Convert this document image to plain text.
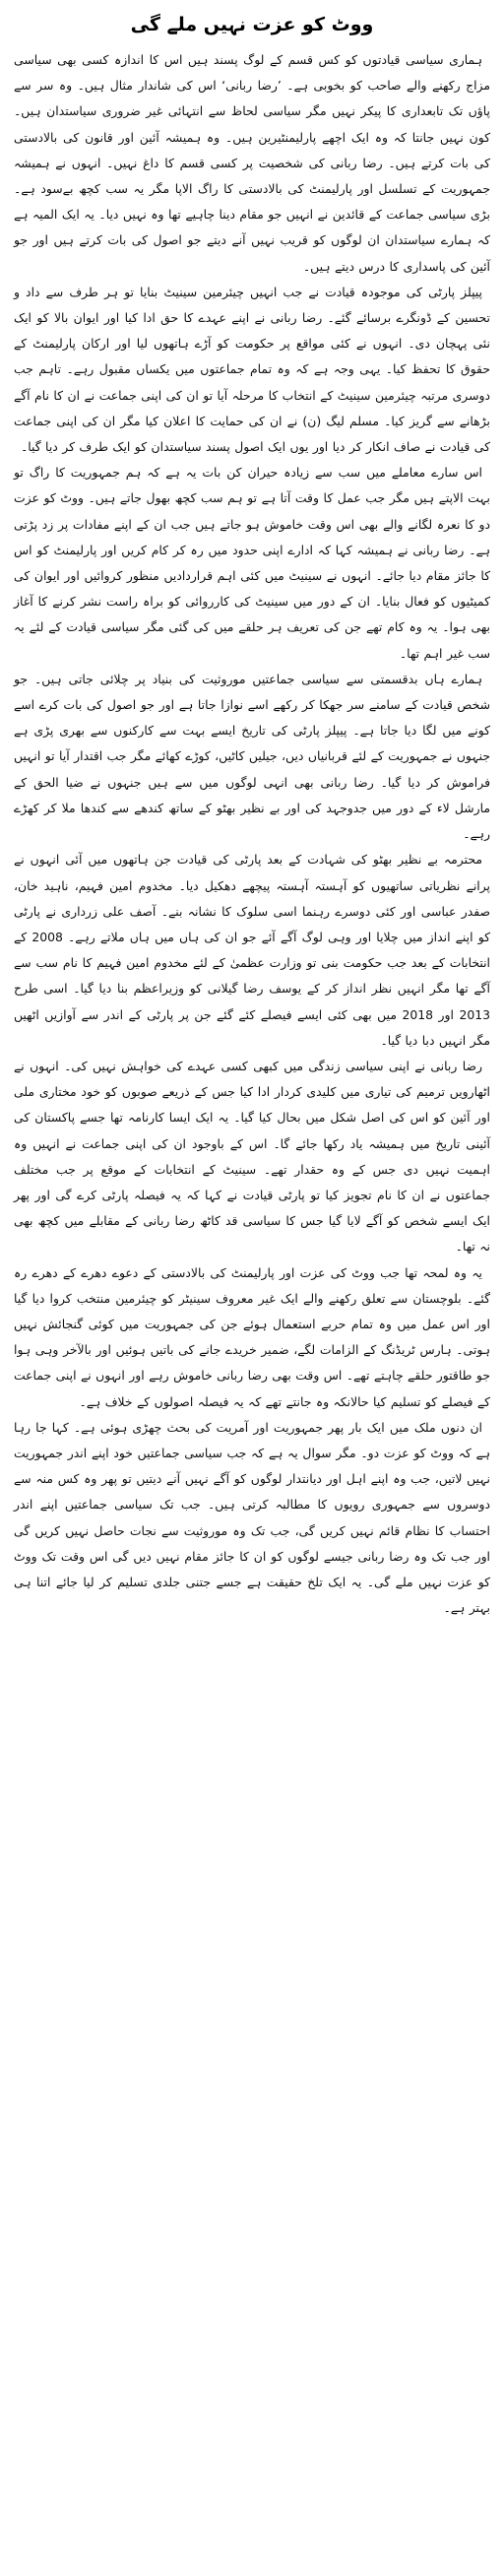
ووٹ کو عزت نہیں ملے گی

ہماری سیاسی قیادتوں کو کس قسم کے لوگ پسند ہیں اس کا اندازہ کسی بھی سیاسی مزاج رکھنے والے صاحب کو بخوبی ہے۔ ’رضا ربانی‘ اس کی شاندار مثال ہیں۔ وہ سر سے پاؤں تک تابعداری کا پیکر نہیں مگر سیاسی لحاظ سے انتہائی غیر ضروری سیاستدان ہیں۔ کون نہیں جانتا کہ وہ ایک اچھے پارلیمنٹیرین ہیں۔ وہ ہمیشہ آئین اور قانون کی بالادستی کی بات کرتے ہیں۔ رضا ربانی کی شخصیت پر کسی قسم کا داغ نہیں۔ انہوں نے ہمیشہ جمہوریت کے تسلسل اور پارلیمنٹ کی بالادستی کا راگ الاپا مگر یہ سب کچھ بےسود ہے۔ بڑی سیاسی جماعت کے قائدین نے انہیں جو مقام دینا چاہیے تھا وہ نہیں دیا۔ یہ ایک المیہ ہے کہ ہمارے سیاستدان ان لوگوں کو قریب نہیں آنے دیتے جو اصول کی بات کرتے ہیں اور جو آئین کی پاسداری کا درس دیتے ہیں۔

پیپلز پارٹی کی موجودہ قیادت نے جب انہیں چیئرمین سینیٹ بنایا تو ہر طرف سے داد و تحسین کے ڈونگرے برسائے گئے۔ رضا ربانی نے اپنے عہدے کا حق ادا کیا اور ایوان بالا کو ایک نئی پہچان دی۔ انہوں نے کئی مواقع پر حکومت کو آڑے ہاتھوں لیا اور ارکان پارلیمنٹ کے حقوق کا تحفظ کیا۔ یہی وجہ ہے کہ وہ تمام جماعتوں میں یکساں مقبول رہے۔ تاہم جب دوسری مرتبہ چیئرمین سینیٹ کے انتخاب کا مرحلہ آیا تو ان کی اپنی جماعت نے ان کا نام آگے بڑھانے سے گریز کیا۔ مسلم لیگ (ن) نے ان کی حمایت کا اعلان کیا مگر ان کی اپنی جماعت کی قیادت نے صاف انکار کر دیا اور یوں ایک اصول پسند سیاستدان کو ایک طرف کر دیا گیا۔

اس سارے معاملے میں سب سے زیادہ حیران کن بات یہ ہے کہ ہم جمہوریت کا راگ تو بہت الاپتے ہیں مگر جب عمل کا وقت آتا ہے تو ہم سب کچھ بھول جاتے ہیں۔ ووٹ کو عزت دو کا نعرہ لگانے والے بھی اس وقت خاموش ہو جاتے ہیں جب ان کے اپنے مفادات پر زد پڑتی ہے۔ رضا ربانی نے ہمیشہ کہا کہ ادارے اپنی حدود میں رہ کر کام کریں اور پارلیمنٹ کو اس کا جائز مقام دیا جائے۔ انہوں نے سینیٹ میں کئی اہم قراردادیں منظور کروائیں اور ایوان کی کمیٹیوں کو فعال بنایا۔ ان کے دور میں سینیٹ کی کارروائی کو براہ راست نشر کرنے کا آغاز بھی ہوا۔ یہ وہ کام تھے جن کی تعریف ہر حلقے میں کی گئی مگر سیاسی قیادت کے لئے یہ سب غیر اہم تھا۔

ہمارے ہاں بدقسمتی سے سیاسی جماعتیں موروثیت کی بنیاد پر چلائی جاتی ہیں۔ جو شخص قیادت کے سامنے سر جھکا کر رکھے اسے نوازا جاتا ہے اور جو اصول کی بات کرے اسے کونے میں لگا دیا جاتا ہے۔ پیپلز پارٹی کی تاریخ ایسے بہت سے کارکنوں سے بھری پڑی ہے جنہوں نے جمہوریت کے لئے قربانیاں دیں، جیلیں کاٹیں، کوڑے کھائے مگر جب اقتدار آیا تو انہیں فراموش کر دیا گیا۔ رضا ربانی بھی انہی لوگوں میں سے ہیں جنہوں نے ضیا الحق کے مارشل لاء کے دور میں جدوجہد کی اور بے نظیر بھٹو کے ساتھ کندھے سے کندھا ملا کر کھڑے رہے۔

محترمہ بے نظیر بھٹو کی شہادت کے بعد پارٹی کی قیادت جن ہاتھوں میں آئی انہوں نے پرانے نظریاتی ساتھیوں کو آہستہ آہستہ پیچھے دھکیل دیا۔ مخدوم امین فہیم، ناہید خان، صفدر عباسی اور کئی دوسرے رہنما اسی سلوک کا نشانہ بنے۔ آصف علی زرداری نے پارٹی کو اپنے انداز میں چلایا اور وہی لوگ آگے آئے جو ان کی ہاں میں ہاں ملاتے رہے۔ 2008 کے انتخابات کے بعد جب حکومت بنی تو وزارت عظمیٰ کے لئے مخدوم امین فہیم کا نام سب سے آگے تھا مگر انہیں نظر انداز کر کے یوسف رضا گیلانی کو وزیراعظم بنا دیا گیا۔ اسی طرح 2013 اور 2018 میں بھی کئی ایسے فیصلے کئے گئے جن پر پارٹی کے اندر سے آوازیں اٹھیں مگر انہیں دبا دیا گیا۔

رضا ربانی نے اپنی سیاسی زندگی میں کبھی کسی عہدے کی خواہش نہیں کی۔ انہوں نے اٹھارویں ترمیم کی تیاری میں کلیدی کردار ادا کیا جس کے ذریعے صوبوں کو خود مختاری ملی اور آئین کو اس کی اصل شکل میں بحال کیا گیا۔ یہ ایک ایسا کارنامہ تھا جسے پاکستان کی آئینی تاریخ میں ہمیشہ یاد رکھا جائے گا۔ اس کے باوجود ان کی اپنی جماعت نے انہیں وہ اہمیت نہیں دی جس کے وہ حقدار تھے۔ سینیٹ کے انتخابات کے موقع پر جب مختلف جماعتوں نے ان کا نام تجویز کیا تو پارٹی قیادت نے کہا کہ یہ فیصلہ پارٹی کرے گی اور پھر ایک ایسے شخص کو آگے لایا گیا جس کا سیاسی قد کاٹھ رضا ربانی کے مقابلے میں کچھ بھی نہ تھا۔

یہ وہ لمحہ تھا جب ووٹ کی عزت اور پارلیمنٹ کی بالادستی کے دعوے دھرے کے دھرے رہ گئے۔ بلوچستان سے تعلق رکھنے والے ایک غیر معروف سینیٹر کو چیئرمین منتخب کروا دیا گیا اور اس عمل میں وہ تمام حربے استعمال ہوئے جن کی جمہوریت میں کوئی گنجائش نہیں ہوتی۔ ہارس ٹریڈنگ کے الزامات لگے، ضمیر خریدے جانے کی باتیں ہوئیں اور بالآخر وہی ہوا جو طاقتور حلقے چاہتے تھے۔ اس وقت بھی رضا ربانی خاموش رہے اور انہوں نے اپنی جماعت کے فیصلے کو تسلیم کیا حالانکہ وہ جانتے تھے کہ یہ فیصلہ اصولوں کے خلاف ہے۔

ان دنوں ملک میں ایک بار پھر جمہوریت اور آمریت کی بحث چھڑی ہوئی ہے۔ کہا جا رہا ہے کہ ووٹ کو عزت دو۔ مگر سوال یہ ہے کہ جب سیاسی جماعتیں خود اپنے اندر جمہوریت نہیں لاتیں، جب وہ اپنے اہل اور دیانتدار لوگوں کو آگے نہیں آنے دیتیں تو پھر وہ کس منہ سے دوسروں سے جمہوری رویوں کا مطالبہ کرتی ہیں۔ جب تک سیاسی جماعتیں اپنے اندر احتساب کا نظام قائم نہیں کریں گی، جب تک وہ موروثیت سے نجات حاصل نہیں کریں گی اور جب تک وہ رضا ربانی جیسے لوگوں کو ان کا جائز مقام نہیں دیں گی اس وقت تک ووٹ کو عزت نہیں ملے گی۔ یہ ایک تلخ حقیقت ہے جسے جتنی جلدی تسلیم کر لیا جائے اتنا ہی بہتر ہے۔
